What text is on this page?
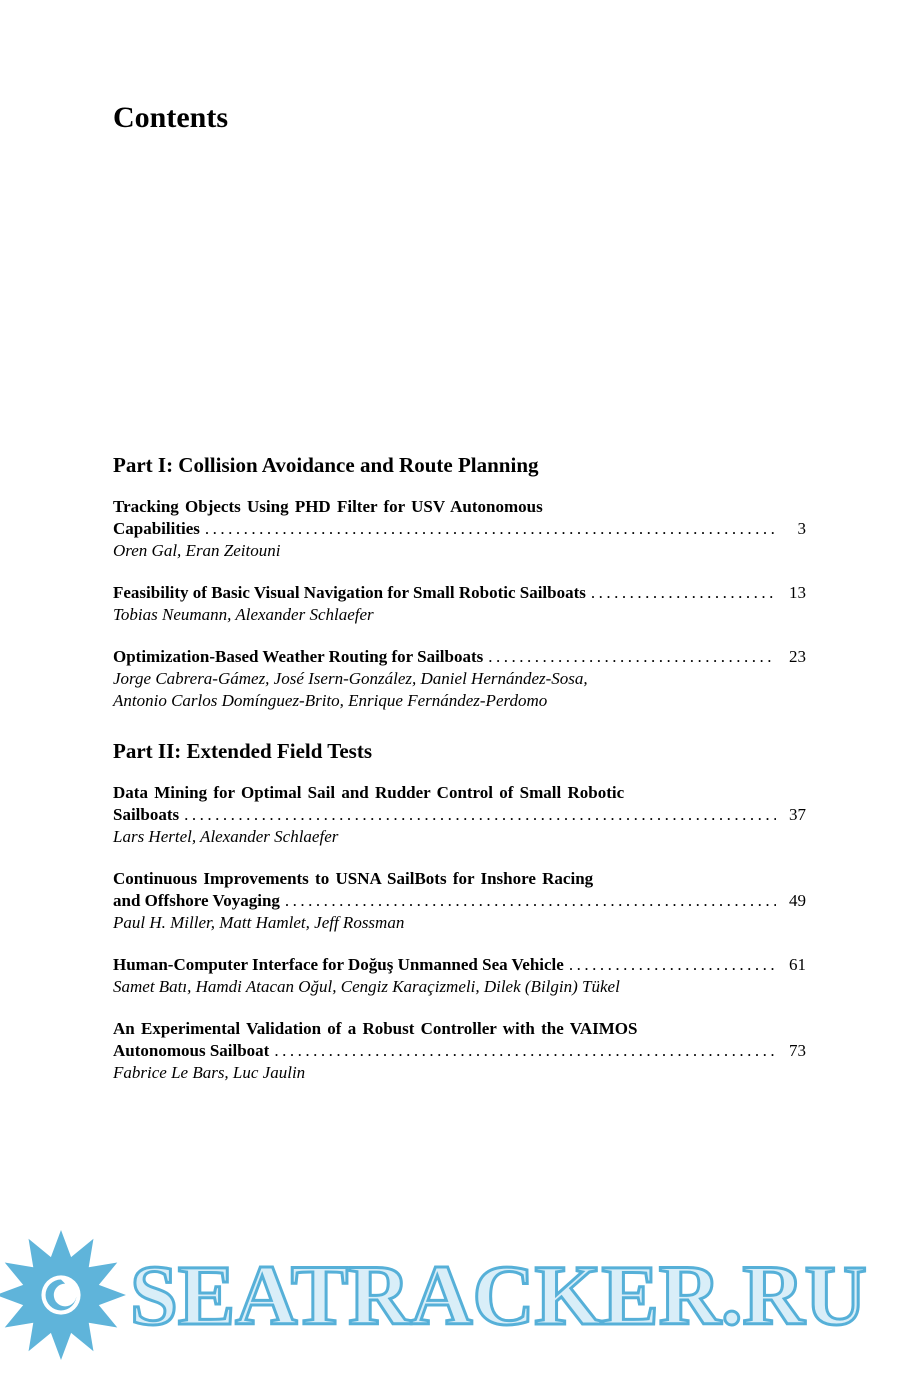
Contents
Part I: Collision Avoidance and Route Planning
Tracking Objects Using PHD Filter for USV Autonomous
Capabilities .....	3
Oren Gal, Eran Zeitouni
Feasibility of Basic Visual Navigation for Small Robotic Sailboats .....	13
Tobias Neumann, Alexander Schlaefer
Optimization-Based Weather Routing for Sailboats .....	23
Jorge Cabrera-Gámez, José Isern-González, Daniel Hernández-Sosa,
Antonio Carlos Domínguez-Brito, Enrique Fernández-Perdomo
Part II: Extended Field Tests
Data Mining for Optimal Sail and Rudder Control of Small Robotic
Sailboats .....	37
Lars Hertel, Alexander Schlaefer
Continuous Improvements to USNA SailBots for Inshore Racing
and Offshore Voyaging .....	49
Paul H. Miller, Matt Hamlet, Jeff Rossman
Human-Computer Interface for Doğuş Unmanned Sea Vehicle .....	61
Samet Batı, Hamdi Atacan Oğul, Cengiz Karaçizmeli, Dilek (Bilgin) Tükel
An Experimental Validation of a Robust Controller with the VAIMOS
Autonomous Sailboat .....	73
Fabrice Le Bars, Luc Jaulin
SEATRACKER.RU
